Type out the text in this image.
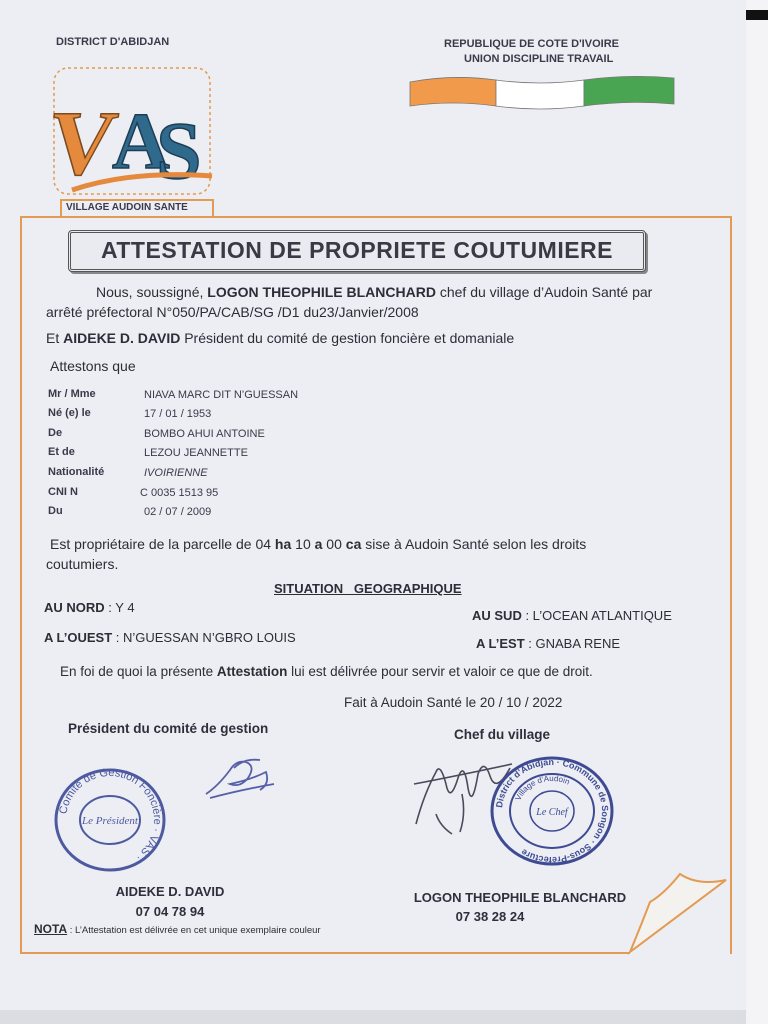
DISTRICT D'ABIDJAN
V
A
S
VILLAGE AUDOIN SANTE
REPUBLIQUE DE COTE D'IVOIRE
UNION DISCIPLINE TRAVAIL
ATTESTATION DE PROPRIETE COUTUMIERE
Nous, soussigné, LOGON THEOPHILE BLANCHARD chef du village d’Audoin Santé par
arrêté préfectoral N°050/PA/CAB/SG /D1 du23/Janvier/2008
Et AIDEKE D. DAVID Président du comité de gestion foncière et domaniale
Attestons que
Mr / Mme
Né (e) le
De
Et de
Nationalité
CNI N
Du
NIAVA MARC DIT N’GUESSAN
17 / 01 / 1953
BOMBO AHUI ANTOINE
LEZOU JEANNETTE
IVOIRIENNE
C 0035 1513 95
02 / 07 / 2009
Est propriétaire de la parcelle de 04 ha 10 a 00 ca sise à Audoin Santé selon les droits
coutumiers.
SITUATION   GEOGRAPHIQUE
AU NORD : Y 4
AU SUD : L’OCEAN ATLANTIQUE
A L’OUEST : N’GUESSAN N’GBRO LOUIS	A L’EST : GNABA RENE
En foi de quoi la présente Attestation lui est délivrée pour servir et valoir ce que de droit.
Fait à Audoin Santé le 20 / 10 / 2022
Président du comité de gestion	Chef du village
Comité de Gestion Foncière · VAS ·
Le Président
District d'Abidjan · Commune de Songon · Sous-Préfecture
Village d'Audoin
Le Chef
AIDEKE D. DAVID
07 04 78 94
LOGON THEOPHILE BLANCHARD
07 38 28 24
NOTA : L’Attestation est délivrée en cet unique exemplaire couleur
